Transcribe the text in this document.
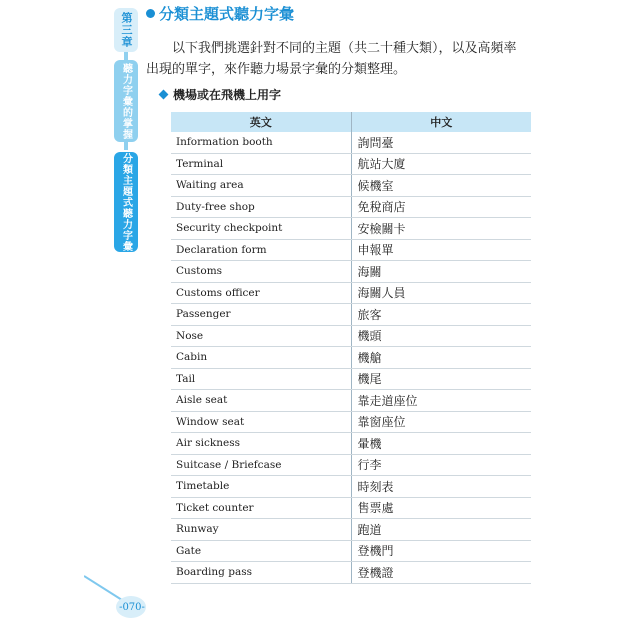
第三章
聽力字彙的掌握
分類主題式聽力字彙
分類主題式聽力字彙
以下我們挑選針對不同的主題（共二十種大類），以及高頻率
出現的單字，來作聽力場景字彙的分類整理。
機場或在飛機上用字
英文	中文
Information booth	詢問臺
Terminal	航站大廈
Waiting area	候機室
Duty-free shop	免稅商店
Security checkpoint	安檢關卡
Declaration form	申報單
Customs	海關
Customs officer	海關人員
Passenger	旅客
Nose	機頭
Cabin	機艙
Tail	機尾
Aisle seat	靠走道座位
Window seat	靠窗座位
Air sickness	暈機
Suitcase / Briefcase	行李
Timetable	時刻表
Ticket counter	售票處
Runway	跑道
Gate	登機門
Boarding pass	登機證
-070-
